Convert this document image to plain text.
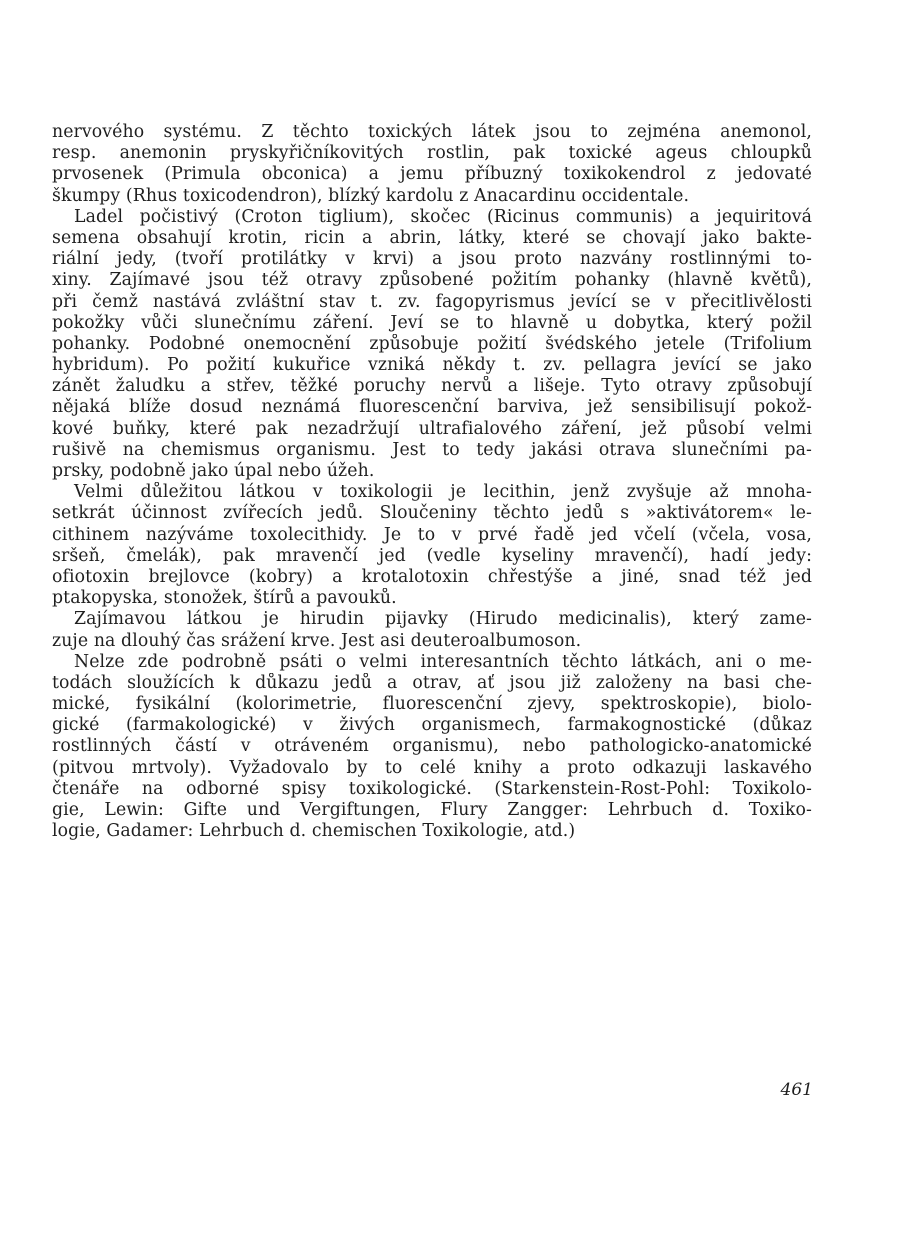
nervového systému. Z těchto toxických látek jsou to zejména anemonol,
resp. anemonin pryskyřičníkovitých rostlin, pak toxické ageus chloupků
prvosenek (Primula obconica) a jemu příbuzný toxikokendrol z jedovaté
škumpy (Rhus toxicodendron), blízký kardolu z Anacardinu occidentale.
Ladel počistivý (Croton tiglium), skočec (Ricinus communis) a jequiritová
semena obsahují krotin, ricin a abrin, látky, které se chovají jako bakte-
riální jedy, (tvoří protilátky v krvi) a jsou proto nazvány rostlinnými to-
xiny. Zajímavé jsou též otravy způsobené požitím pohanky (hlavně květů),
při čemž nastává zvláštní stav t. zv. fagopyrismus jevící se v přecitlivělosti
pokožky vůči slunečnímu záření. Jeví se to hlavně u dobytka, který požil
pohanky. Podobné onemocnění způsobuje požití švédského jetele (Trifolium
hybridum). Po požití kukuřice vzniká někdy t. zv. pellagra jevící se jako
zánět žaludku a střev, těžké poruchy nervů a lišeje. Tyto otravy způsobují
nějaká blíže dosud neznámá fluorescenční barviva, jež sensibilisují pokož-
kové buňky, které pak nezadržují ultrafialového záření, jež působí velmi
rušivě na chemismus organismu. Jest to tedy jakási otrava slunečními pa-
prsky, podobně jako úpal nebo úžeh.
Velmi důležitou látkou v toxikologii je lecithin, jenž zvyšuje až mnoha-
setkrát účinnost zvířecích jedů. Sloučeniny těchto jedů s »aktivátorem« le-
cithinem nazýváme toxolecithidy. Je to v prvé řadě jed včelí (včela, vosa,
sršeň, čmelák), pak mravenčí jed (vedle kyseliny mravenčí), hadí jedy:
ofiotoxin brejlovce (kobry) a krotalotoxin chřestýše a jiné, snad též jed
ptakopyska, stonožek, štírů a pavouků.
Zajímavou látkou je hirudin pijavky (Hirudo medicinalis), který zame-
zuje na dlouhý čas srážení krve. Jest asi deuteroalbumoson.
Nelze zde podrobně psáti o velmi interesantních těchto látkách, ani o me-
todách sloužících k důkazu jedů a otrav, ať jsou již založeny na basi che-
mické, fysikální (kolorimetrie, fluorescenční zjevy, spektroskopie), biolo-
gické (farmakologické) v živých organismech, farmakognostické (důkaz
rostlinných částí v otráveném organismu), nebo pathologicko-anatomické
(pitvou mrtvoly). Vyžadovalo by to celé knihy a proto odkazuji laskavého
čtenáře na odborné spisy toxikologické. (Starkenstein-Rost-Pohl: Toxikolo-
gie, Lewin: Gifte und Vergiftungen, Flury Zangger: Lehrbuch d. Toxiko-
logie, Gadamer: Lehrbuch d. chemischen Toxikologie, atd.)
461
